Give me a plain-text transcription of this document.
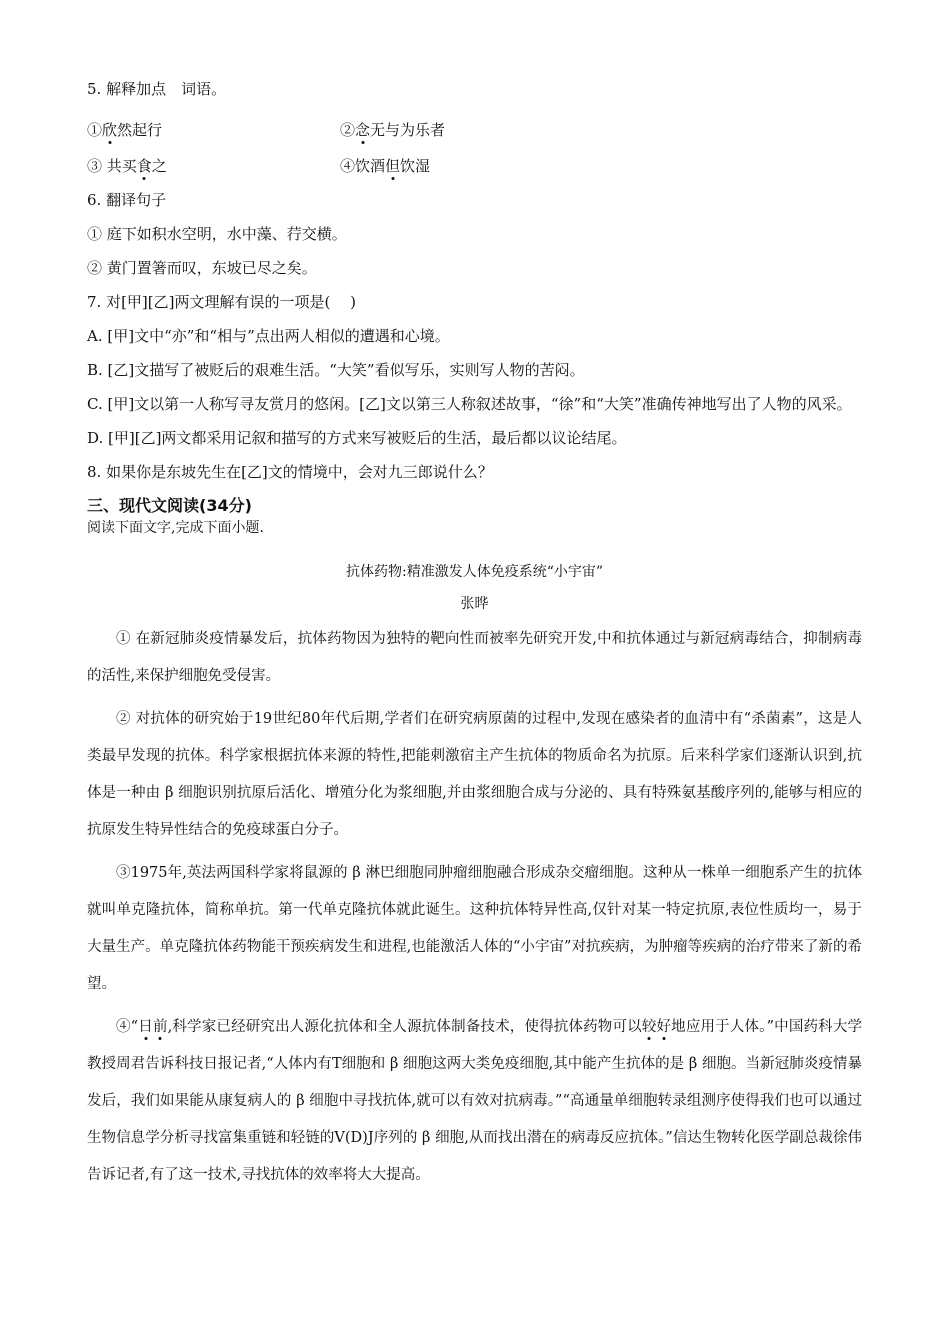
5. 解释加点　词语。
①欣然起行	②念无与为乐者
③ 共买食之	④饮酒但饮湿
6. 翻译句子
① 庭下如积水空明，水中藻、荇交横。
② 黄门置箸而叹，东坡已尽之矣。
7. 对[甲][乙]两文理解有误的一项是(　 )
A. [甲]文中“亦”和“相与”点出两人相似的遭遇和心境。
B. [乙]文描写了被贬后的艰难生活。“大笑”看似写乐，实则写人物的苦闷。
C. [甲]文以第一人称写寻友赏月的悠闲。[乙]文以第三人称叙述故事，“徐”和“大笑”准确传神地写出了人物的风采。
D. [甲][乙]两文都采用记叙和描写的方式来写被贬后的生活，最后都以议论结尾。
8. 如果你是东坡先生在[乙]文的情境中，会对九三郎说什么？
三、现代文阅读(34分)
阅读下面文字,完成下面小题.
抗体药物:精准激发人体免疫系统“小宇宙”
张晔
① 在新冠肺炎疫情暴发后，抗体药物因为独特的靶向性而被率先研究开发,中和抗体通过与新冠病毒结合，抑制病毒的活性,来保护细胞免受侵害。
② 对抗体的研究始于19世纪80年代后期,学者们在研究病原菌的过程中,发现在感染者的血清中有“杀菌素”，这是人类最早发现的抗体。科学家根据抗体来源的特性,把能刺激宿主产生抗体的物质命名为抗原。后来科学家们逐渐认识到,抗体是一种由 β 细胞识别抗原后活化、增殖分化为浆细胞,并由浆细胞合成与分泌的、具有特殊氨基酸序列的,能够与相应的抗原发生特异性结合的免疫球蛋白分子。
③1975年,英法两国科学家将鼠源的 β 淋巴细胞同肿瘤细胞融合形成杂交瘤细胞。这种从一株单一细胞系产生的抗体就叫单克隆抗体，简称单抗。第一代单克隆抗体就此诞生。这种抗体特异性高,仅针对某一特定抗原,表位性质均一，易于大量生产。单克隆抗体药物能干预疾病发生和进程,也能激活人体的“小宇宙”对抗疾病，为肿瘤等疾病的治疗带来了新的希望。
④“日前,科学家已经研究出人源化抗体和全人源抗体制备技术，使得抗体药物可以较好地应用于人体。”中国药科大学教授周君告诉科技日报记者,“人体内有T细胞和 β 细胞这两大类免疫细胞,其中能产生抗体的是 β 细胞。当新冠肺炎疫情暴发后，我们如果能从康复病人的 β 细胞中寻找抗体,就可以有效对抗病毒。”“高通量单细胞转录组测序使得我们也可以通过生物信息学分析寻找富集重链和轻链的V(D)J序列的 β 细胞,从而找出潜在的病毒反应抗体。”信达生物转化医学副总裁徐伟告诉记者,有了这一技术,寻找抗体的效率将大大提高。
